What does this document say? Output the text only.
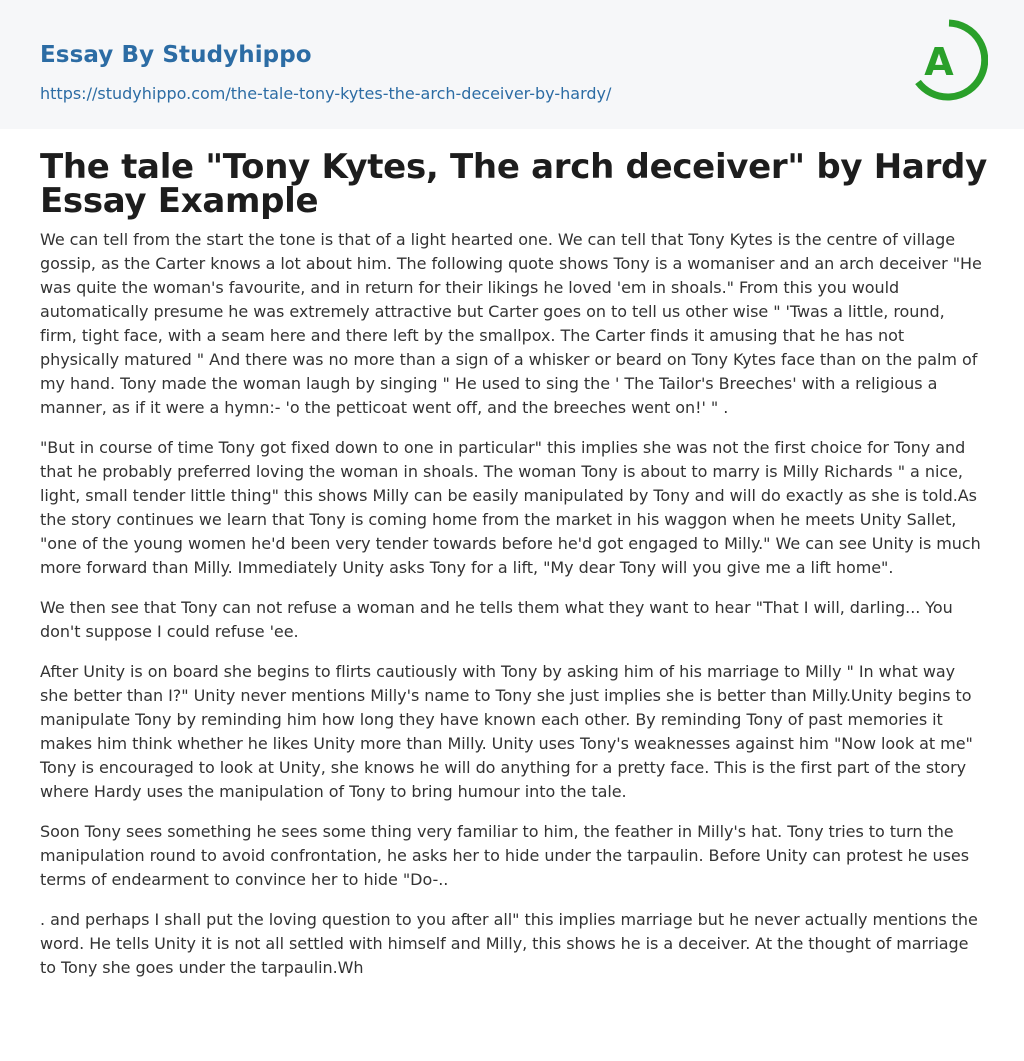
Essay By Studyhippo
https://studyhippo.com/the-tale-tony-kytes-the-arch-deceiver-by-hardy/
A
The tale "Tony Kytes, The arch deceiver" by Hardy Essay Example

We can tell from the start the tone is that of a light hearted one. We can tell that Tony Kytes is the centre of village gossip, as the Carter knows a lot about him. The following quote shows Tony is a womaniser and an arch deceiver "He was quite the woman's favourite, and in return for their likings he loved 'em in shoals." From this you would automatically presume he was extremely attractive but Carter goes on to tell us other wise " 'Twas a little, round, firm, tight face, with a seam here and there left by the smallpox. The Carter finds it amusing that he has not physically matured " And there was no more than a sign of a whisker or beard on Tony Kytes face than on the palm of my hand. Tony made the woman laugh by singing " He used to sing the ' The Tailor's Breeches' with a religious a manner, as if it were a hymn:- 'o the petticoat went off, and the breeches went on!' " .

"But in course of time Tony got fixed down to one in particular" this implies she was not the first choice for Tony and that he probably preferred loving the woman in shoals. The woman Tony is about to marry is Milly Richards " a nice, light, small tender little thing" this shows Milly can be easily manipulated by Tony and will do exactly as she is told.As the story continues we learn that Tony is coming home from the market in his waggon when he meets Unity Sallet, "one of the young women he'd been very tender towards before he'd got engaged to Milly." We can see Unity is much more forward than Milly. Immediately Unity asks Tony for a lift, "My dear Tony will you give me a lift home".

We then see that Tony can not refuse a woman and he tells them what they want to hear "That I will, darling... You don't suppose I could refuse 'ee.

After Unity is on board she begins to flirts cautiously with Tony by asking him of his marriage to Milly " In what way she better than I?" Unity never mentions Milly's name to Tony she just implies she is better than Milly.Unity begins to manipulate Tony by reminding him how long they have known each other. By reminding Tony of past memories it makes him think whether he likes Unity more than Milly. Unity uses Tony's weaknesses against him "Now look at me" Tony is encouraged to look at Unity, she knows he will do anything for a pretty face. This is the first part of the story where Hardy uses the manipulation of Tony to bring humour into the tale.

Soon Tony sees something he sees some thing very familiar to him, the feather in Milly's hat. Tony tries to turn the manipulation round to avoid confrontation, he asks her to hide under the tarpaulin. Before Unity can protest he uses terms of endearment to convince her to hide "Do-..

. and perhaps I shall put the loving question to you after all" this implies marriage but he never actually mentions the word. He tells Unity it is not all settled with himself and Milly, this shows he is a deceiver. At the thought of marriage to Tony she goes under the tarpaulin.Wh
